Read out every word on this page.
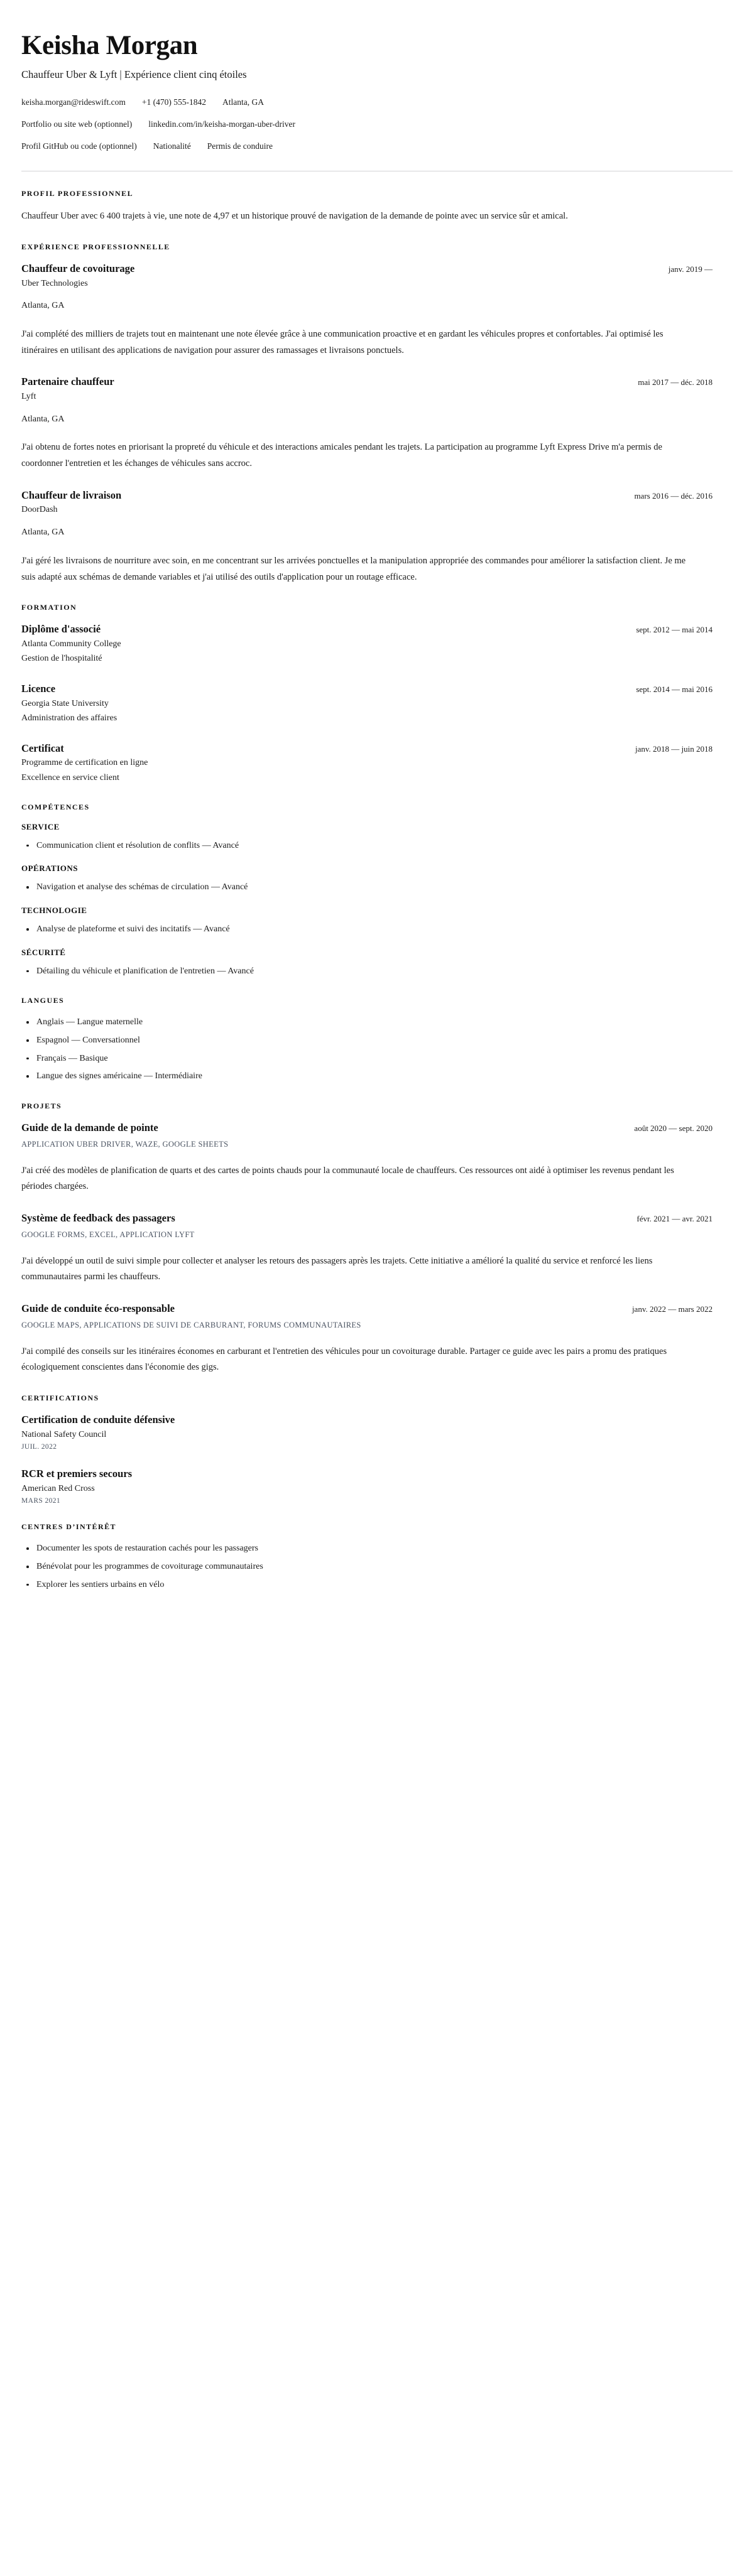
Keisha Morgan
Chauffeur Uber & Lyft | Expérience client cinq étoiles
keisha.morgan@rideswift.com +1 (470) 555-1842 Atlanta, GA
Portfolio ou site web (optionnel) linkedin.com/in/keisha-morgan-uber-driver
Profil GitHub ou code (optionnel) Nationalité Permis de conduire
PROFIL PROFESSIONNEL

Chauffeur Uber avec 6 400 trajets à vie, une note de 4,97 et un historique prouvé de navigation de la demande de pointe avec un service sûr et amical.

EXPÉRIENCE PROFESSIONNELLE
Chauffeur de covoiturage	janv. 2019 —
Uber Technologies
Atlanta, GA

J'ai complété des milliers de trajets tout en maintenant une note élevée grâce à une communication proactive et en gardant les véhicules propres et confortables. J'ai optimisé les itinéraires en utilisant des applications de navigation pour assurer des ramassages et livraisons ponctuels.

Partenaire chauffeur	mai 2017 — déc. 2018
Lyft
Atlanta, GA

J'ai obtenu de fortes notes en priorisant la propreté du véhicule et des interactions amicales pendant les trajets. La participation au programme Lyft Express Drive m'a permis de coordonner l'entretien et les échanges de véhicules sans accroc.

Chauffeur de livraison	mars 2016 — déc. 2016
DoorDash
Atlanta, GA

J'ai géré les livraisons de nourriture avec soin, en me concentrant sur les arrivées ponctuelles et la manipulation appropriée des commandes pour améliorer la satisfaction client. Je me suis adapté aux schémas de demande variables et j'ai utilisé des outils d'application pour un routage efficace.

FORMATION
Diplôme d'associé	sept. 2012 — mai 2014
Atlanta Community College
Gestion de l'hospitalité
Licence	sept. 2014 — mai 2016
Georgia State University
Administration des affaires
Certificat	janv. 2018 — juin 2018
Programme de certification en ligne
Excellence en service client
COMPÉTENCES
SERVICE
Communication client et résolution de conflits — Avancé
OPÉRATIONS
Navigation et analyse des schémas de circulation — Avancé
TECHNOLOGIE
Analyse de plateforme et suivi des incitatifs — Avancé
SÉCURITÉ
Détailing du véhicule et planification de l'entretien — Avancé
LANGUES
Anglais — Langue maternelle
Espagnol — Conversationnel
Français — Basique
Langue des signes américaine — Intermédiaire
PROJETS
Guide de la demande de pointe	août 2020 — sept. 2020
APPLICATION UBER DRIVER, WAZE, GOOGLE SHEETS

J'ai créé des modèles de planification de quarts et des cartes de points chauds pour la communauté locale de chauffeurs. Ces ressources ont aidé à optimiser les revenus pendant les périodes chargées.

Système de feedback des passagers	févr. 2021 — avr. 2021
GOOGLE FORMS, EXCEL, APPLICATION LYFT

J'ai développé un outil de suivi simple pour collecter et analyser les retours des passagers après les trajets. Cette initiative a amélioré la qualité du service et renforcé les liens communautaires parmi les chauffeurs.

Guide de conduite éco-responsable	janv. 2022 — mars 2022
GOOGLE MAPS, APPLICATIONS DE SUIVI DE CARBURANT, FORUMS COMMUNAUTAIRES

J'ai compilé des conseils sur les itinéraires économes en carburant et l'entretien des véhicules pour un covoiturage durable. Partager ce guide avec les pairs a promu des pratiques écologiquement conscientes dans l'économie des gigs.

CERTIFICATIONS
Certification de conduite défensive
National Safety Council
JUIL. 2022
RCR et premiers secours
American Red Cross
MARS 2021
CENTRES D’INTÉRÊT
Documenter les spots de restauration cachés pour les passagers
Bénévolat pour les programmes de covoiturage communautaires
Explorer les sentiers urbains en vélo
